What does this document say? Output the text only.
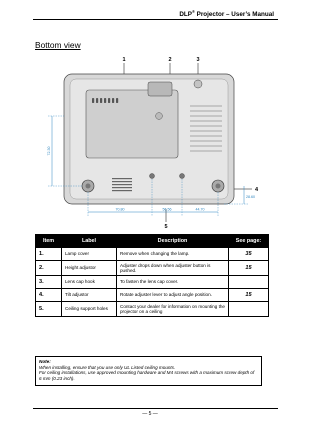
DLP® Projector – User’s Manual
Bottom view
1	2	3
4
5
72.30
28.60
70.80	56.56	44.70
Item	Label	Description	See page:
1.	Lamp cover	Remove when changing the lamp.	35
2.	Height adjustor	Adjuster drops down when adjuster button is pushed.	15
3.	Lens cap hook	To fasten the lens cap cover.	
4.	Tilt adjustor	Rotate adjuster lever to adjust angle position.	15
5.	Ceiling support holes	Contact your dealer for information on mounting the projector on a ceiling	
Note:
When installing, ensure that you use only UL Listed ceiling mounts.
For ceiling installations, use approved mounting hardware and M4 screws with a maximum screw depth of 6 mm (0.23 inch).
— 5 —
